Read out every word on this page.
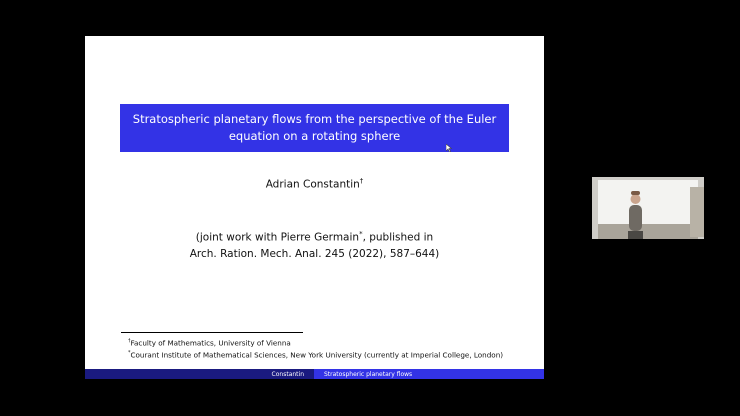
Stratospheric planetary flows from the perspective of the Euler
equation on a rotating sphere
Adrian Constantin†
(joint work with Pierre Germain*, published in
Arch. Ration. Mech. Anal. 245 (2022), 587–644)
†Faculty of Mathematics, University of Vienna
*Courant Institute of Mathematical Sciences, New York University (currently at Imperial College, London)
Constantin	Stratospheric planetary flows
